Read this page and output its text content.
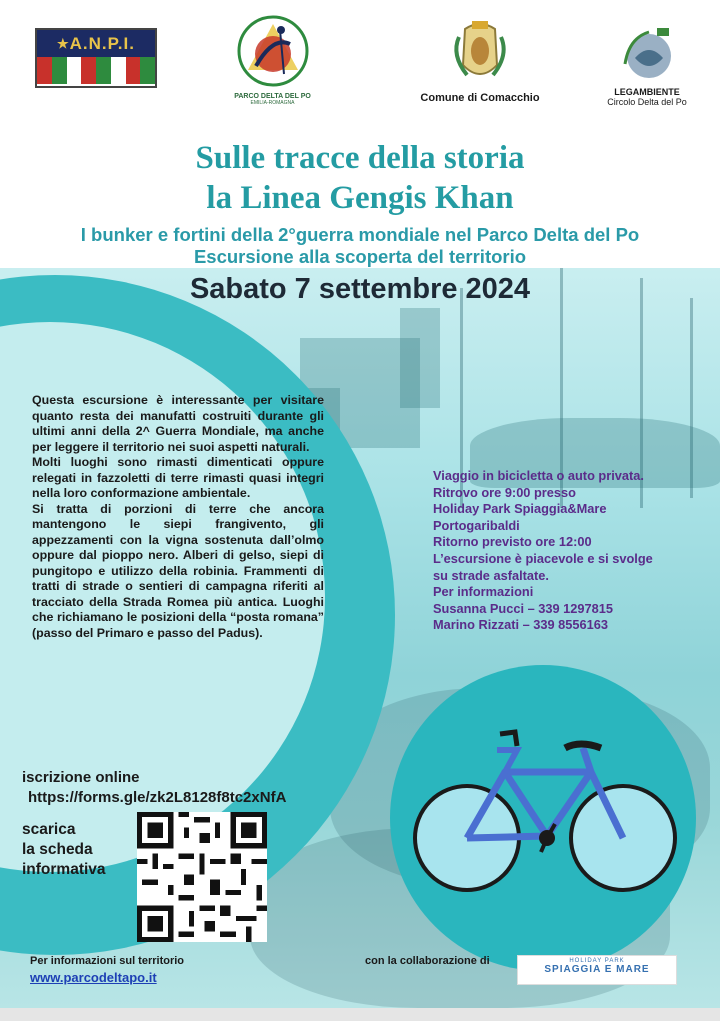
★ A.N.P.I.
PARCO DELTA DEL PO
EMILIA-ROMAGNA	Comune di Comacchio	LEGAMBIENTE
Circolo Delta del Po
Sulle tracce della storia
la Linea Gengis Khan
I bunker e fortini della 2°guerra mondiale nel Parco Delta del Po
Escursione alla scoperta del territorio
Sabato 7 settembre 2024

Questa escursione è interessante per visitare quanto resta dei manufatti costruiti durante gli ultimi anni della 2^ Guerra Mondiale, ma anche per leggere il territorio nei suoi aspetti naturali.

Molti luoghi sono rimasti dimenticati oppure relegati in fazzoletti di terre rimasti quasi integri nella loro conformazione ambientale.

Si tratta di porzioni di terre che ancora mantengono le siepi frangivento, gli appezzamenti con la vigna sostenuta dall’olmo oppure dal pioppo nero. Alberi di gelso, siepi di pungitopo e utilizzo della robinia. Frammenti di tratti di strade o sentieri di campagna riferiti al tracciato della Strada Romea più antica. Luoghi che richiamano le posizioni della “posta romana” (passo del Primaro e passo del Padus).

Viaggio in bicicletta o auto privata.
Ritrovo ore 9:00 presso
Holiday Park Spiaggia&Mare
Portogaribaldi
Ritorno previsto ore 12:00
L’escursione è piacevole e si svolge
su strade asfaltate.
Per informazioni
Susanna Pucci – 339 1297815
Marino Rizzati – 339 8556163
iscrizione online
https://forms.gle/zk2L8128f8tc2xNfA
scarica
la scheda
informativa
Per informazioni sul territorio
www.parcodeltapo.it
con la collaborazione di	HOLIDAY PARK
SPIAGGIA E MARE
